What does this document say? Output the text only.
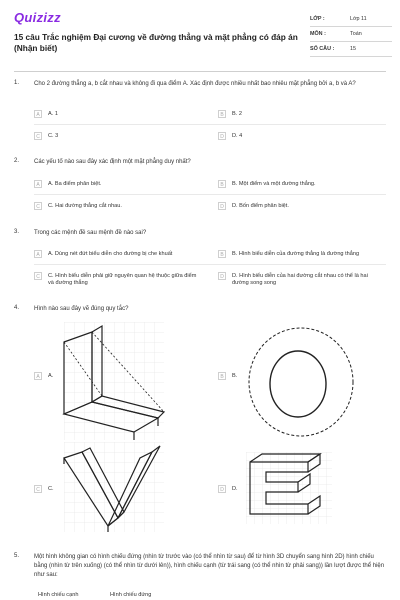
Quizizz
15 câu Trắc nghiệm Đại cương về đường thẳng và mặt phẳng có đáp án (Nhận biết)
LỚP :	Lớp 11
MÔN :	Toán
SỐ CÂU :	15
1.	Cho 2 đường thẳng a, b cắt nhau và không đi qua điểm A. Xác định được nhiều nhất bao nhiêu mặt phẳng bởi a, b và A?
A	A. 1	B	B. 2
C	C. 3	D	D. 4
2.	Các yếu tố nào sau đây xác định một mặt phẳng duy nhất?
A	A. Ba điểm phân biệt.	B	B. Một điểm và một đường thẳng.
C	C. Hai đường thẳng cắt nhau.	D	D. Bốn điểm phân biệt.
3.	Trong các mệnh đề sau mệnh đề nào sai?
A	A. Dùng nét đứt biểu diễn cho đường bị che khuất	B	B. Hình biểu diễn của đường thẳng là đường thẳng
C	C. Hình biểu diễn phải giữ nguyên quan hệ thuộc giữa điểm và đường thẳng
D	D. Hình biểu diễn của hai đường cắt nhau có thể là hai đường song song
4.	Hình nào sau đây vẽ đúng quy tắc?
A	A.	B	B.
C	C.	D	D.
5.	Một hình không gian có hình chiếu đứng (nhìn từ trước vào (có thể nhìn từ sau) để từ hình 3D chuyển sang hình 2D) hình chiếu bằng (nhìn từ trên xuống) (có thể nhìn từ dưới lên)), hình chiếu cạnh (từ trái sang (có thể nhìn từ phải sang)) lần lượt được thể hiện như sau:
Hình chiếu cạnh	Hình chiếu đứng
